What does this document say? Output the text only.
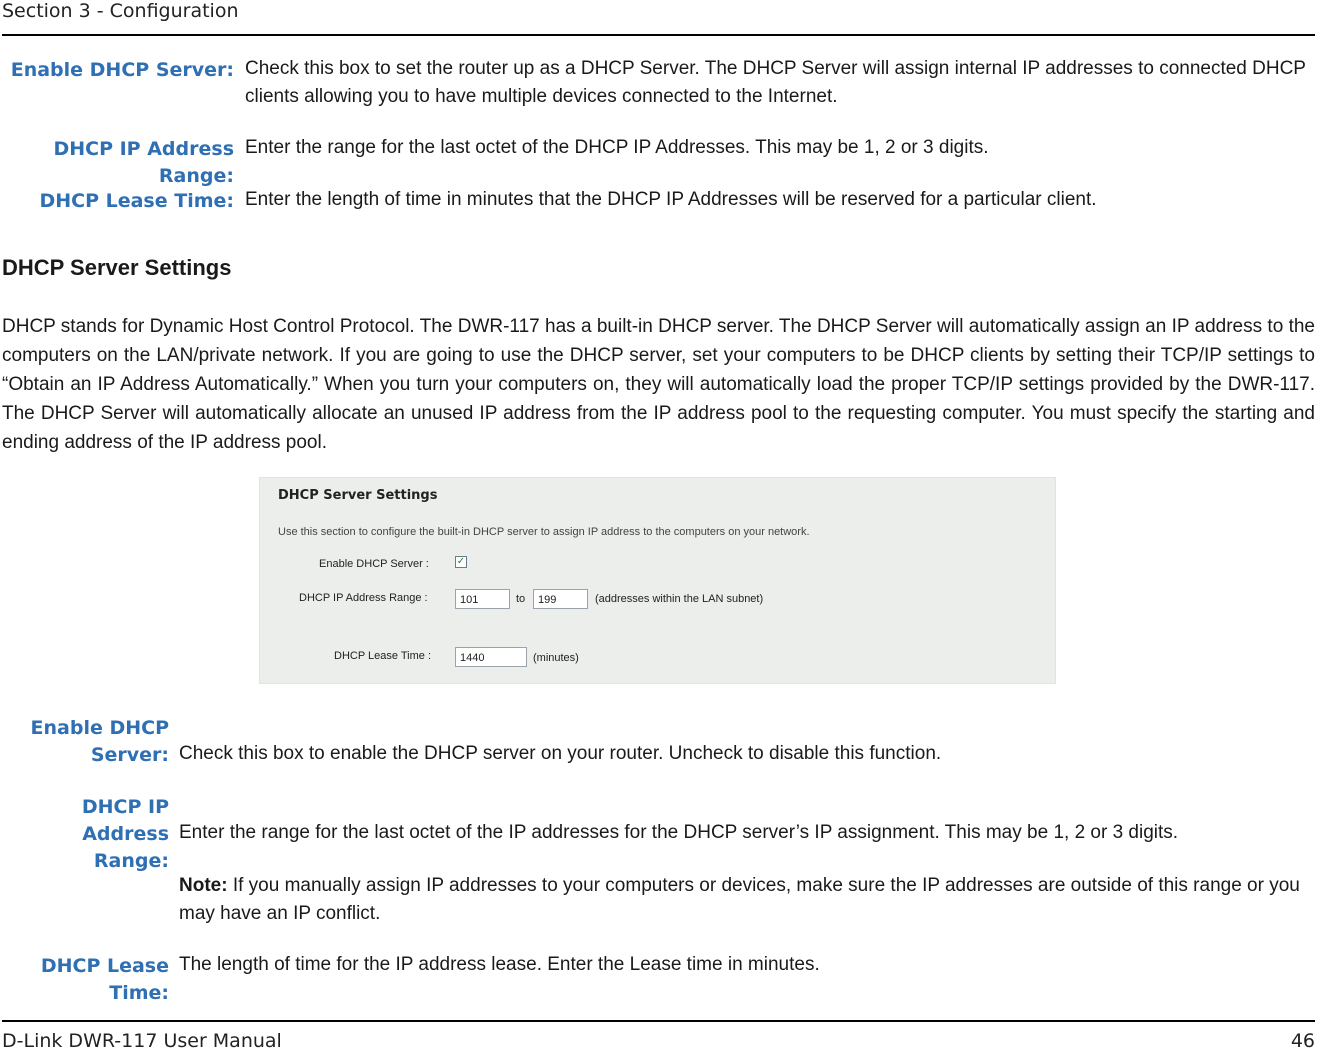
Section 3 - Configuration
Enable DHCP Server: Check this box to set the router up as a DHCP Server. The DHCP Server will assign internal IP addresses to connected DHCP clients allowing you to have multiple devices connected to the Internet.
DHCP IP Address Range:
Enter the range for the last octet of the DHCP IP Addresses. This may be 1, 2 or 3 digits.
DHCP Lease Time: Enter the length of time in minutes that the DHCP IP Addresses will be reserved for a particular client.
DHCP Server Settings
DHCP stands for Dynamic Host Control Protocol. The DWR-117 has a built-in DHCP server. The DHCP Server will automatically assign an IP address to the computers on the LAN/private network. If you are going to use the DHCP server, set your computers to be DHCP clients by setting their TCP/IP settings to “Obtain an IP Address Automatically.” When you turn your computers on, they will automatically load the proper TCP/IP settings provided by the DWR-117. The DHCP Server will automatically allocate an unused IP address from the IP address pool to the requesting computer. You must specify the starting and ending address of the IP address pool.
DHCP Server Settings
Use this section to configure the built-in DHCP server to assign IP address to the computers on your network.
Enable DHCP Server :	✓
DHCP IP Address Range :	101	to	199	(addresses within the LAN subnet)
DHCP Lease Time :	1440	(minutes)
Enable DHCP
Server: Check this box to enable the DHCP server on your router. Uncheck to disable this function.
DHCP IP Address
Range:
Enter the range for the last octet of the IP addresses for the DHCP server’s IP assignment. This may be 1, 2 or 3 digits.
Note: If you manually assign IP addresses to your computers or devices, make sure the IP addresses are outside of this range or you may have an IP conflict.
DHCP Lease Time:
The length of time for the IP address lease. Enter the Lease time in minutes.
D-Link DWR-117 User Manual	46
